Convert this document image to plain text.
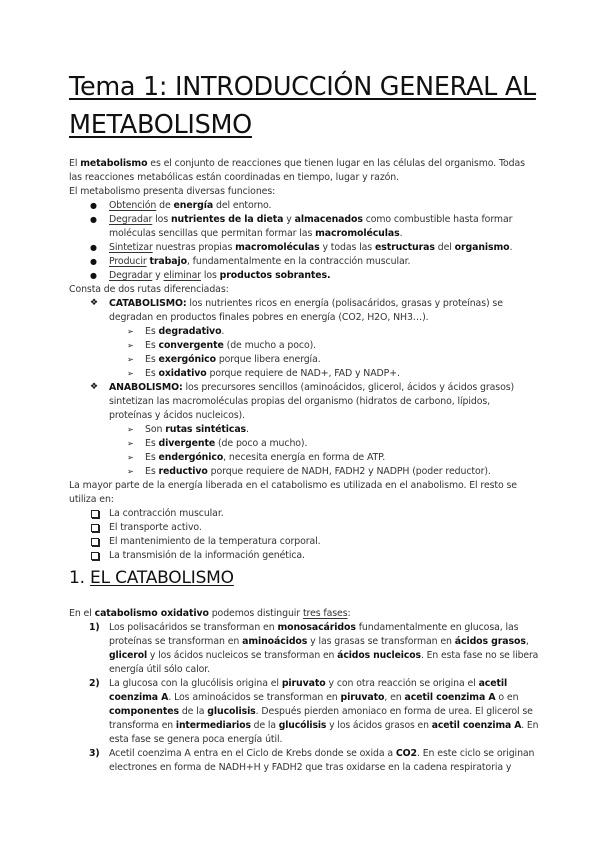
Tema 1: INTRODUCCIÓN GENERAL AL
METABOLISMO
El metabolismo es el conjunto de reacciones que tienen lugar en las células del organismo. Todas
las reacciones metabólicas están coordinadas en tiempo, lugar y razón.
El metabolismo presenta diversas funciones:
● Obtención de energía del entorno.
● Degradar los nutrientes de la dieta y almacenados como combustible hasta formar
moléculas sencillas que permitan formar las macromoléculas.
● Sintetizar nuestras propias macromoléculas y todas las estructuras del organismo.
● Producir trabajo, fundamentalmente en la contracción muscular.
● Degradar y eliminar los productos sobrantes.
Consta de dos rutas diferenciadas:
❖ CATABOLISMO: los nutrientes ricos en energía (polisacáridos, grasas y proteínas) se
degradan en productos finales pobres en energía (CO2, H2O, NH3…).
➢ Es degradativo.
➢ Es convergente (de mucho a poco).
➢ Es exergónico porque libera energía.
➢ Es oxidativo porque requiere de NAD+, FAD y NADP+.
❖ ANABOLISMO: los precursores sencillos (aminoácidos, glicerol, ácidos y ácidos grasos)
sintetizan las macromoléculas propias del organismo (hidratos de carbono, lípidos,
proteínas y ácidos nucleicos).
➢ Son rutas sintéticas.
➢ Es divergente (de poco a mucho).
➢ Es endergónico, necesita energía en forma de ATP.
➢ Es reductivo porque requiere de NADH, FADH2 y NADPH (poder reductor).
La mayor parte de la energía liberada en el catabolismo es utilizada en el anabolismo. El resto se
utiliza en:
La contracción muscular.
El transporte activo.
El mantenimiento de la temperatura corporal.
La transmisión de la información genética.
1. EL CATABOLISMO
En el catabolismo oxidativo podemos distinguir tres fases:
1) Los polisacáridos se transforman en monosacáridos fundamentalmente en glucosa, las
proteínas se transforman en aminoácidos y las grasas se transforman en ácidos grasos,
glicerol y los ácidos nucleicos se transforman en ácidos nucleicos. En esta fase no se libera
energía útil sólo calor.
2) La glucosa con la glucólisis origina el piruvato y con otra reacción se origina el acetil
coenzima A. Los aminoácidos se transforman en piruvato, en acetil coenzima A o en
componentes de la glucolisis. Después pierden amoniaco en forma de urea. El glicerol se
transforma en intermediarios de la glucólisis y los ácidos grasos en acetil coenzima A. En
esta fase se genera poca energía útil.
3) Acetil coenzima A entra en el Ciclo de Krebs donde se oxida a CO2. En este ciclo se originan
electrones en forma de NADH+H y FADH2 que tras oxidarse en la cadena respiratoria y
